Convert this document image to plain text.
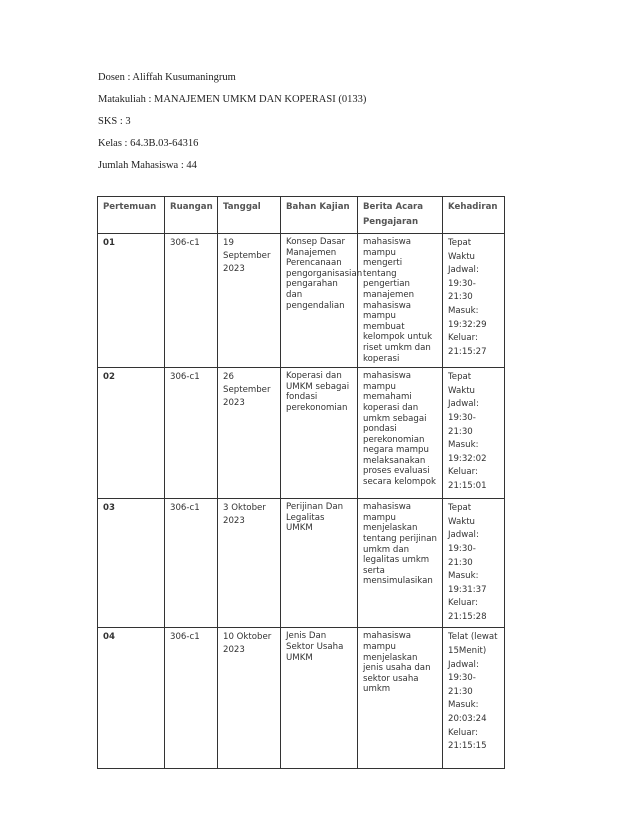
Dosen : Aliffah Kusumaningrum
Matakuliah : MANAJEMEN UMKM DAN KOPERASI (0133)
SKS : 3
Kelas : 64.3B.03-64316
Jumlah Mahasiswa : 44
Pertemuan	Ruangan	Tanggal	Bahan Kajian	Berita Acara Pengajaran	Kehadiran
01	306-c1	19 September 2023	Konsep Dasar Manajemen Perencanaan pengorganisasian pengarahan dan pengendalian	mahasiswa mampu mengerti tentang pengertian manajemen mahasiswa mampu membuat kelompok untuk riset umkm dan koperasi	Tepat Waktu Jadwal: 19:30-21:30 Masuk: 19:32:29 Keluar: 21:15:27
02	306-c1	26 September 2023	Koperasi dan UMKM sebagai fondasi perekonomian	mahasiswa mampu memahami koperasi dan umkm sebagai pondasi perekonomian negara mampu melaksanakan proses evaluasi secara kelompok	Tepat Waktu Jadwal: 19:30-21:30 Masuk: 19:32:02 Keluar: 21:15:01
03	306-c1	3 Oktober 2023	Perijinan Dan Legalitas UMKM	mahasiswa mampu menjelaskan tentang perijinan umkm dan legalitas umkm serta mensimulasikan	Tepat Waktu Jadwal: 19:30-21:30 Masuk: 19:31:37 Keluar: 21:15:28
04	306-c1	10 Oktober 2023	Jenis Dan Sektor Usaha UMKM	mahasiswa mampu menjelaskan jenis usaha dan sektor usaha umkm	Telat (lewat 15Menit) Jadwal: 19:30-21:30 Masuk: 20:03:24 Keluar: 21:15:15
